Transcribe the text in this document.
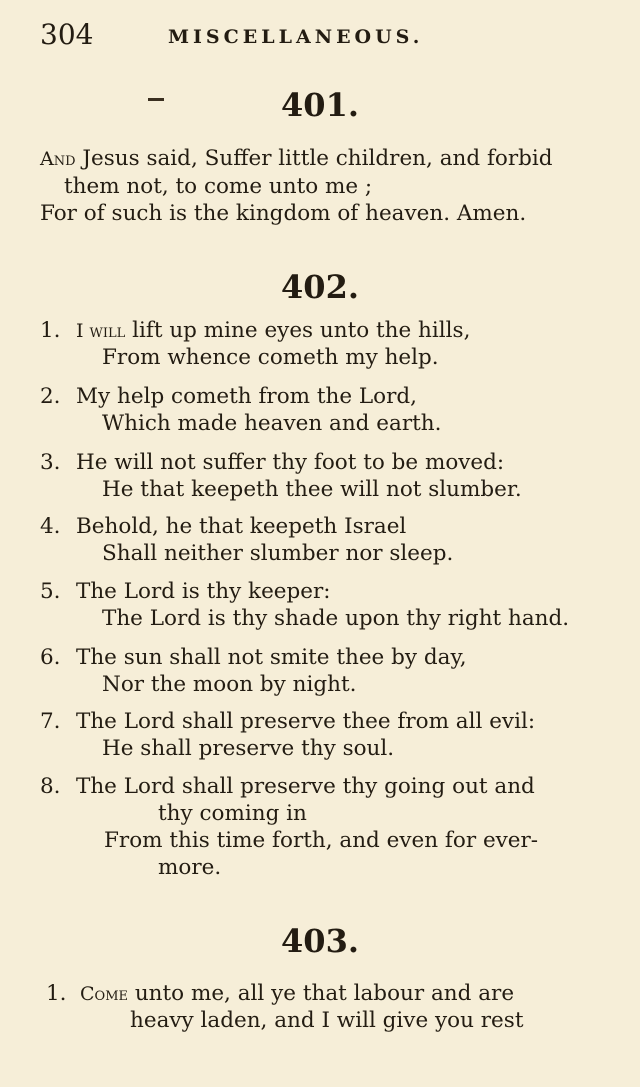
304	MISCELLANEOUS.
401.
And Jesus said, Suffer little children, and forbid
them not, to come unto me ;
For of such is the kingdom of heaven. Amen.
402.
1. I will lift up mine eyes unto the hills,
From whence cometh my help.
2. My help cometh from the Lord,
Which made heaven and earth.
3. He will not suffer thy foot to be moved:
He that keepeth thee will not slumber.
4. Behold, he that keepeth Israel
Shall neither slumber nor sleep.
5. The Lord is thy keeper:
The Lord is thy shade upon thy right hand.
6. The sun shall not smite thee by day,
Nor the moon by night.
7. The Lord shall preserve thee from all evil:
He shall preserve thy soul.
8. The Lord shall preserve thy going out and
thy coming in
From this time forth, and even for ever-
more.
403.
1. Come unto me, all ye that labour and are
heavy laden, and I will give you rest
